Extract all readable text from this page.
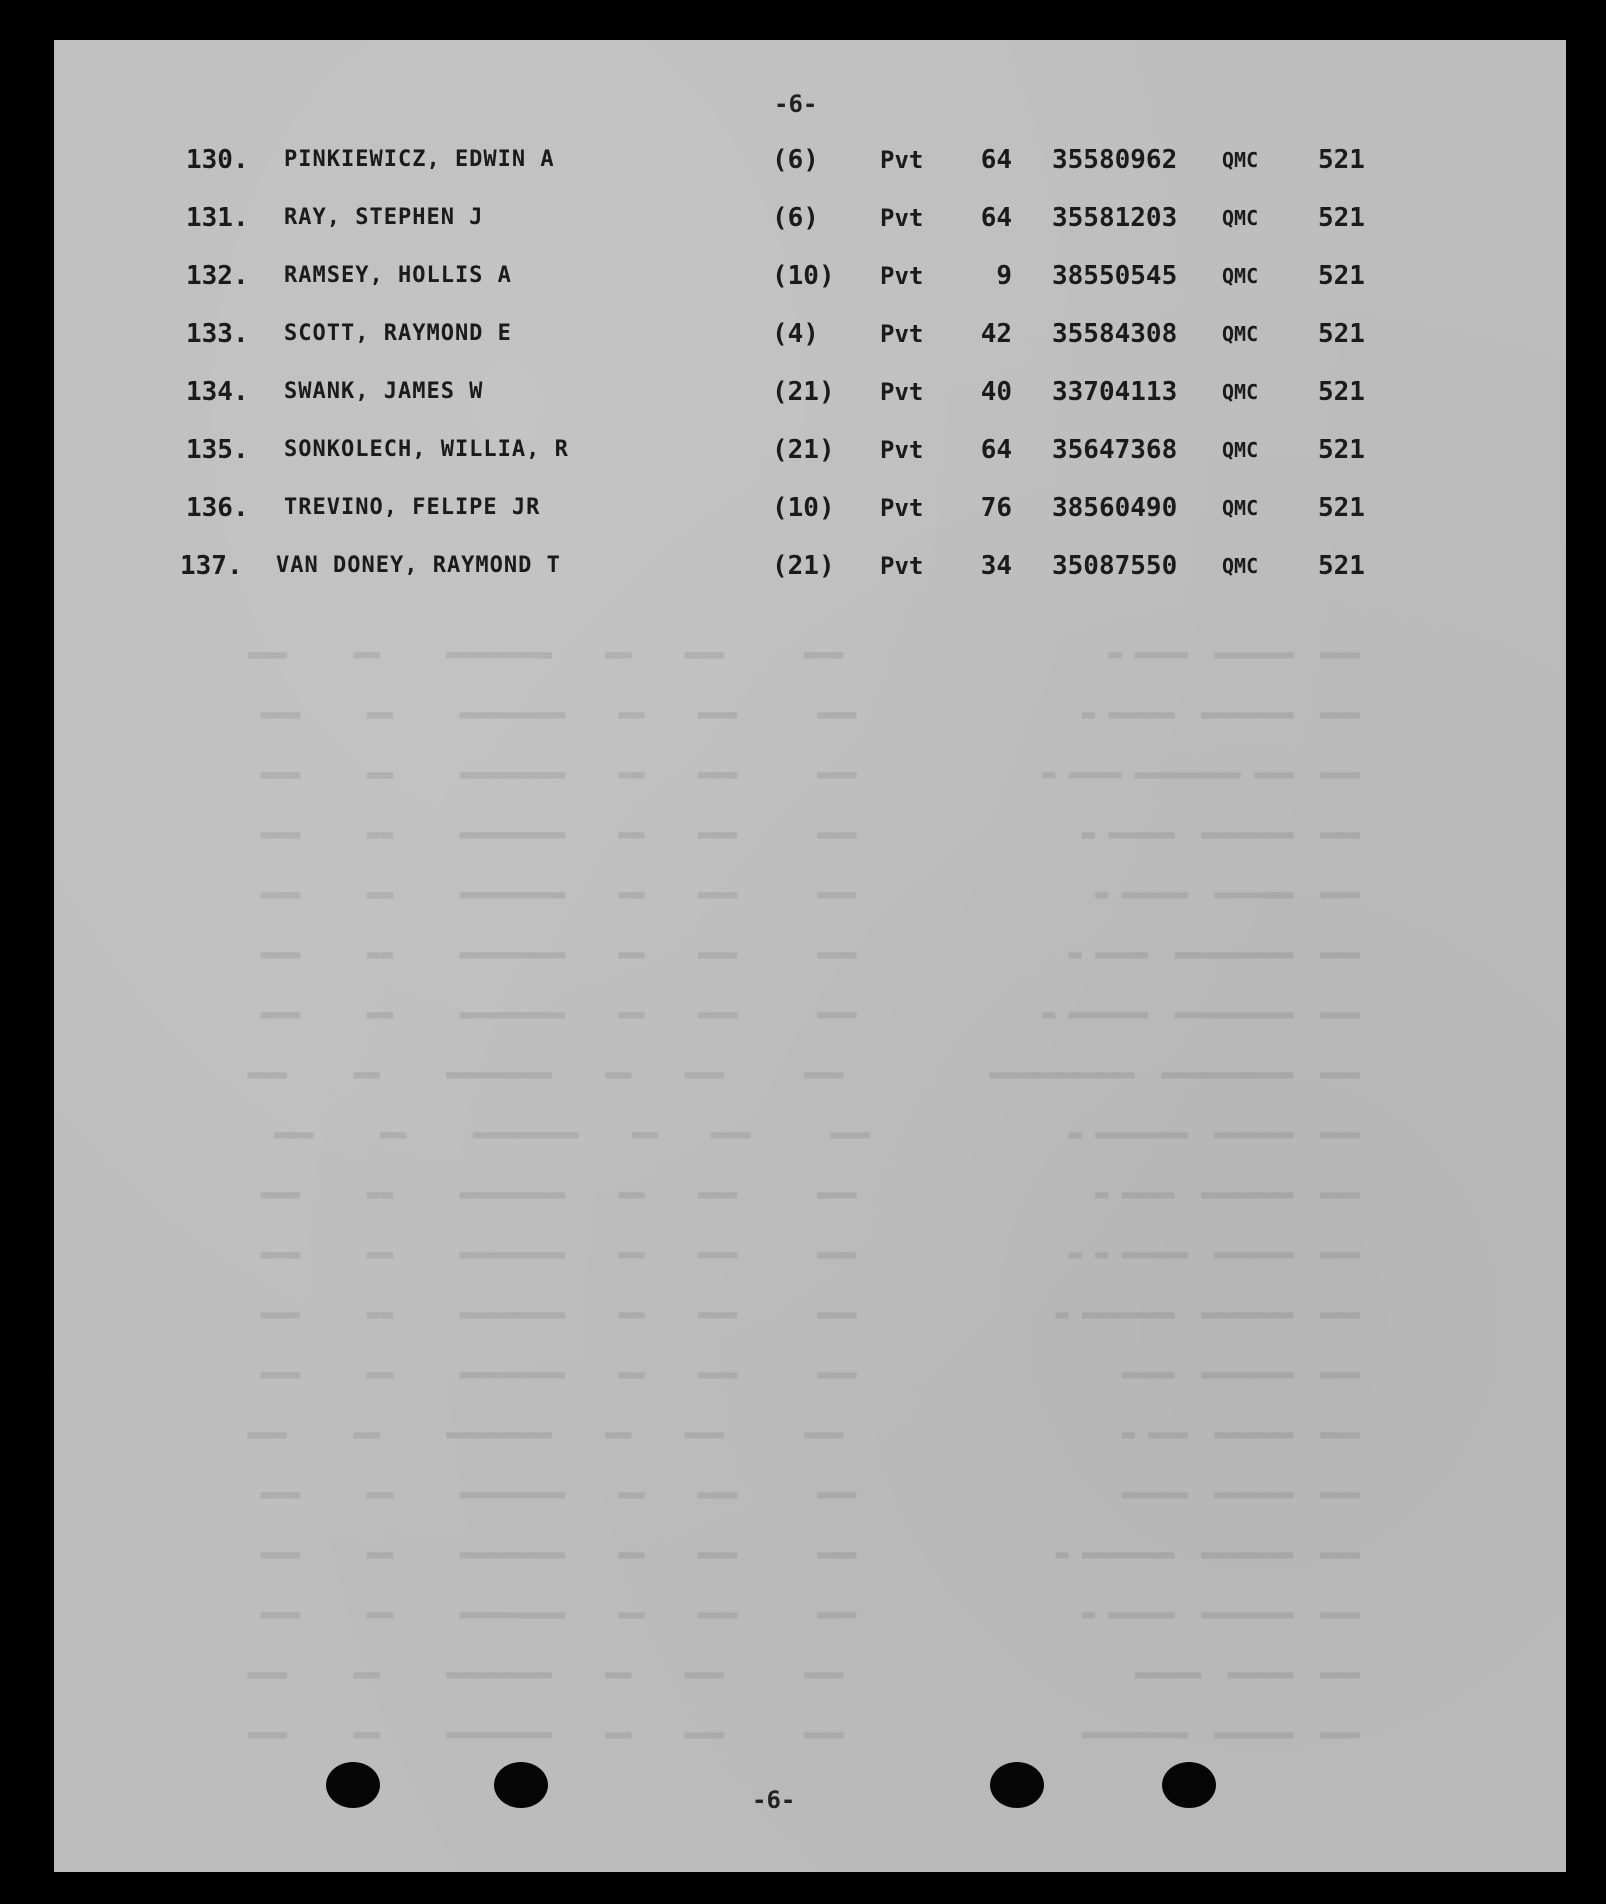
-6-
130. PINKIEWICZ, EDWIN A	(6)	Pvt	64 35580962 QMC 521
131. RAY, STEPHEN J	(6)	Pvt	64 35581203 QMC 521
132. RAMSEY, HOLLIS A	(10) Pvt	9 38550545 QMC 521
133. SCOTT, RAYMOND E	(4)	Pvt	42 35584308 QMC 521
134. SWANK, JAMES W	(21) Pvt	40 33704113 QMC 521
135. SONKOLECH, WILLIA, R	(21) Pvt	64 35647368 QMC 521
136. TREVINO, FELIPE JR	(10) Pvt	76 38560490 QMC 521
137. VAN DONEY, RAYMOND T	(21) Pvt	34 35087550 QMC 521
▬▬▬  ▬▬▬▬▬▬  ▬▬▬▬ ▬                    ▬▬▬      ▬▬▬    ▬▬    ▬▬▬▬▬▬▬▬     ▬▬     ▬▬▬
▬▬▬  ▬▬▬▬▬▬▬  ▬▬▬▬▬ ▬                 ▬▬▬      ▬▬▬    ▬▬    ▬▬▬▬▬▬▬▬     ▬▬     ▬▬▬
▬▬▬  ▬▬▬ ▬▬▬▬▬▬▬▬ ▬▬▬▬ ▬              ▬▬▬      ▬▬▬    ▬▬    ▬▬▬▬▬▬▬▬     ▬▬     ▬▬▬
▬▬▬  ▬▬▬▬▬▬▬  ▬▬▬▬▬ ▬                 ▬▬▬      ▬▬▬    ▬▬    ▬▬▬▬▬▬▬▬     ▬▬     ▬▬▬
▬▬▬  ▬▬▬▬▬▬  ▬▬▬▬▬ ▬                  ▬▬▬      ▬▬▬    ▬▬    ▬▬▬▬▬▬▬▬     ▬▬     ▬▬▬
▬▬▬  ▬▬▬▬▬▬▬▬▬  ▬▬▬▬ ▬                ▬▬▬      ▬▬▬    ▬▬    ▬▬▬▬▬▬▬▬     ▬▬     ▬▬▬
▬▬▬  ▬▬▬▬▬▬▬▬▬  ▬▬▬▬▬▬ ▬              ▬▬▬      ▬▬▬    ▬▬    ▬▬▬▬▬▬▬▬     ▬▬     ▬▬▬
▬▬▬  ▬▬▬▬▬▬▬▬▬▬  ▬▬▬▬▬▬▬▬▬▬▬           ▬▬▬      ▬▬▬    ▬▬    ▬▬▬▬▬▬▬▬     ▬▬     ▬▬▬
▬▬▬  ▬▬▬▬▬▬  ▬▬▬▬▬▬▬ ▬               ▬▬▬      ▬▬▬    ▬▬    ▬▬▬▬▬▬▬▬     ▬▬     ▬▬▬
▬▬▬  ▬▬▬▬▬▬▬  ▬▬▬▬ ▬                  ▬▬▬      ▬▬▬    ▬▬    ▬▬▬▬▬▬▬▬     ▬▬     ▬▬▬
▬▬▬  ▬▬▬▬▬▬  ▬▬▬▬▬ ▬ ▬                ▬▬▬      ▬▬▬    ▬▬    ▬▬▬▬▬▬▬▬     ▬▬     ▬▬▬
▬▬▬  ▬▬▬▬▬▬▬  ▬▬▬▬▬▬▬ ▬               ▬▬▬      ▬▬▬    ▬▬    ▬▬▬▬▬▬▬▬     ▬▬     ▬▬▬
▬▬▬  ▬▬▬▬▬▬▬  ▬▬▬▬                    ▬▬▬      ▬▬▬    ▬▬    ▬▬▬▬▬▬▬▬     ▬▬     ▬▬▬
▬▬▬  ▬▬▬▬▬▬  ▬▬▬ ▬                     ▬▬▬      ▬▬▬    ▬▬    ▬▬▬▬▬▬▬▬     ▬▬     ▬▬▬
▬▬▬  ▬▬▬▬▬▬  ▬▬▬▬▬                    ▬▬▬      ▬▬▬    ▬▬    ▬▬▬▬▬▬▬▬     ▬▬     ▬▬▬
▬▬▬  ▬▬▬▬▬▬▬  ▬▬▬▬▬▬▬ ▬               ▬▬▬      ▬▬▬    ▬▬    ▬▬▬▬▬▬▬▬     ▬▬     ▬▬▬
▬▬▬  ▬▬▬▬▬▬▬  ▬▬▬▬▬ ▬                 ▬▬▬      ▬▬▬    ▬▬    ▬▬▬▬▬▬▬▬     ▬▬     ▬▬▬
▬▬▬  ▬▬▬▬▬  ▬▬▬▬▬                      ▬▬▬      ▬▬▬    ▬▬    ▬▬▬▬▬▬▬▬     ▬▬     ▬▬▬
▬▬▬  ▬▬▬▬▬▬  ▬▬▬▬▬▬▬▬                  ▬▬▬      ▬▬▬    ▬▬    ▬▬▬▬▬▬▬▬     ▬▬     ▬▬▬
-6-
